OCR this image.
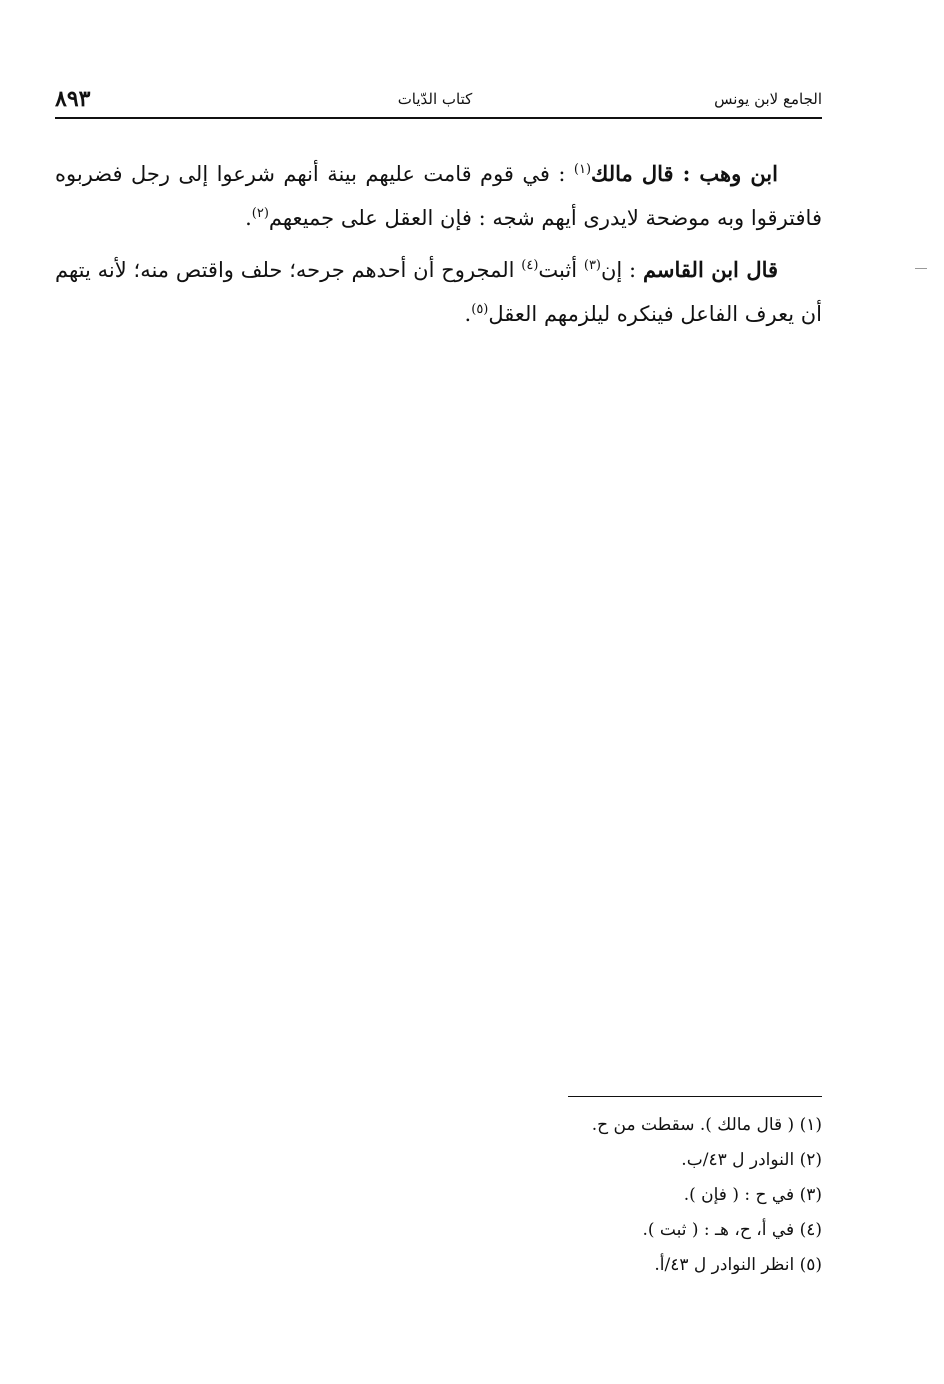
٨٩٣	كتاب الدّيات	الجامع لابن يونس

ابن وهب : قال مالك$^{(١)}$ : في قوم قامت عليهم بينة أنهم شرعوا إلى رجل فضربوه فافترقوا وبه موضحة لايدرى أيهم شجه : فإن العقل على جميعهم$^{(٢)}$.

قال ابن القاسم : إن$^{(٣)}$ أثبت$^{(٤)}$ المجروح أن أحدهم جرحه؛ حلف واقتص منه؛ لأنه يتهم أن يعرف الفاعل فينكره ليلزمهم العقل$^{(٥)}$.

(١) ( قال مالك ). سقطت من ح.
(٢) النوادر ل ٤٣/ب.
(٣) في ح : ( فإن ).
(٤) في أ، ح، هـ : ( ثبت ).
(٥) انظر النوادر ل ٤٣/أ.
